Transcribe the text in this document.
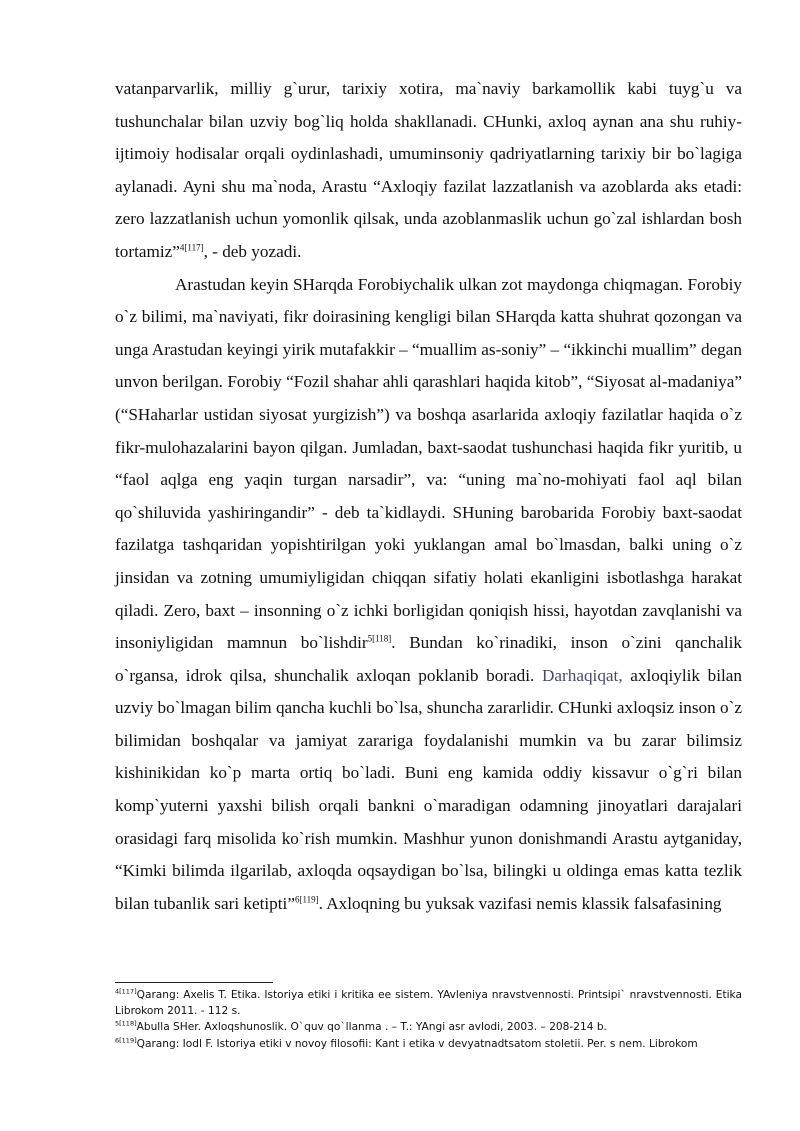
vatanparvarlik, milliy g`urur, tarixiy xotira, ma`naviy barkamollik kabi tuyg`u va tushunchalar bilan uzviy bog`liq holda shakllanadi. CHunki, axloq aynan ana shu ruhiy-ijtimoiy hodisalar orqali oydinlashadi, umuminsoniy qadriyatlarning tarixiy bir bo`lagiga aylanadi. Ayni shu ma`noda, Arastu “Axloqiy fazilat lazzatlanish va azoblarda aks etadi: zero lazzatlanish uchun yomonlik qilsak, unda azoblanmaslik uchun go`zal ishlardan bosh tortamiz”$^{4[117]}$, - deb yozadi.

Arastudan keyin SHarqda Forobiychalik ulkan zot maydonga chiqmagan. Forobiy o`z bilimi, ma`naviyati, fikr doirasining kengligi bilan SHarqda katta shuhrat qozongan va unga Arastudan keyingi yirik mutafakkir – “muallim as-soniy” – “ikkinchi muallim” degan unvon berilgan. Forobiy “Fozil shahar ahli qarashlari haqida kitob”, “Siyosat al-madaniya” (“SHaharlar ustidan siyosat yurgizish”) va boshqa asarlarida axloqiy fazilatlar haqida o`z fikr-mulohazalarini bayon qilgan. Jumladan, baxt-saodat tushunchasi haqida fikr yuritib, u “faol aqlga eng yaqin turgan narsadir”, va: “uning ma`no-mohiyati faol aql bilan qo`shiluvida yashiringandir” - deb ta`kidlaydi. SHuning barobarida Forobiy baxt-saodat fazilatga tashqaridan yopishtirilgan yoki yuklangan amal bo`lmasdan, balki uning o`z jinsidan va zotning umumiyligidan chiqqan sifatiy holati ekanligini isbotlashga harakat qiladi. Zero, baxt – insonning o`z ichki borligidan qoniqish hissi, hayotdan zavqlanishi va insoniyligidan mamnun bo`lishdir$^{5[118]}$. Bundan ko`rinadiki, inson o`zini qanchalik o`rgansa, idrok qilsa, shunchalik axloqan poklanib boradi. Darhaqiqat, axloqiylik bilan uzviy bo`lmagan bilim qancha kuchli bo`lsa, shuncha zararlidir. CHunki axloqsiz inson o`z bilimidan boshqalar va jamiyat zarariga foydalanishi mumkin va bu zarar bilimsiz kishinikidan ko`p marta ortiq bo`ladi. Buni eng kamida oddiy kissavur o`g`ri bilan komp`yuterni yaxshi bilish orqali bankni o`maradigan odamning jinoyatlari darajalari orasidagi farq misolida ko`rish mumkin. Mashhur yunon donishmandi Arastu aytganiday, “Kimki bilimda ilgarilab, axloqda oqsaydigan bo`lsa, bilingki u oldinga emas katta tezlik bilan tubanlik sari ketipti”$^{6[119]}$. Axloqning bu yuksak vazifasi nemis klassik falsafasining

$^{4[117]}$Qarang: Axelis T. Etika. Istoriya etiki i kritika ee sistem. YAvleniya nravstvennosti. Printsipi` nravstvennosti. Etika Librokom 2011. - 112 s.

$^{5[118]}$Abulla SHer. Axloqshunoslik. O`quv qo`llanma . – T.: YAngi asr avlodi, 2003. – 208-214 b.

$^{6[119]}$Qarang: Iodl F. Istoriya etiki v novoy filosofii: Kant i etika v devyatnadtsatom stoletii. Per. s nem. Librokom
